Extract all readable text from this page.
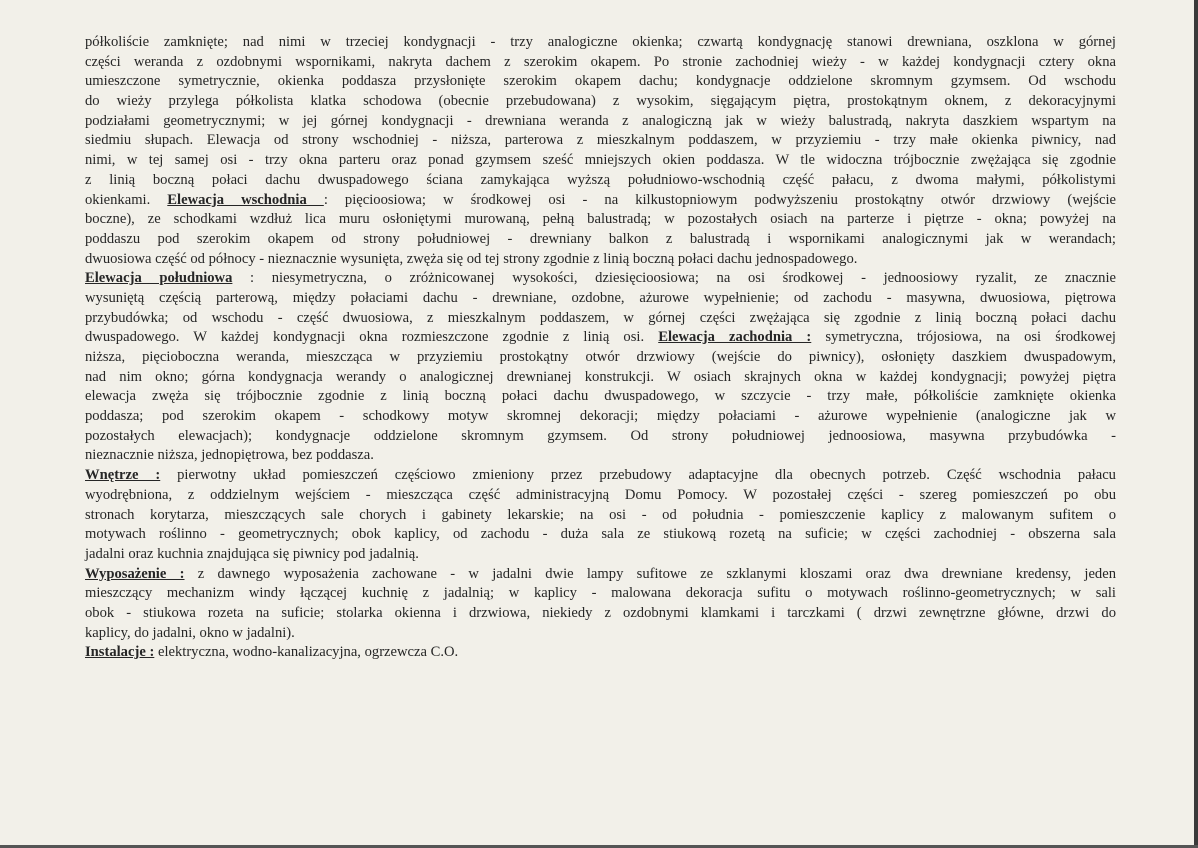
półkoliście zamknięte; nad nimi w trzeciej kondygnacji - trzy analogiczne okienka; czwartą kondygnację stanowi drewniana, oszklona w górnej
części weranda z ozdobnymi wspornikami, nakryta dachem z szerokim okapem. Po stronie zachodniej wieży - w każdej kondygnacji cztery okna
umieszczone symetrycznie, okienka poddasza przysłonięte szerokim okapem dachu; kondygnacje oddzielone skromnym gzymsem. Od wschodu
do wieży przylega półkolista klatka schodowa (obecnie przebudowana) z wysokim, sięgającym piętra, prostokątnym oknem, z dekoracyjnymi
podziałami geometrycznymi; w jej górnej kondygnacji - drewniana weranda z analogiczną jak w wieży balustradą, nakryta daszkiem wspartym na
siedmiu słupach. Elewacja od strony wschodniej - niższa, parterowa z mieszkalnym poddaszem, w przyziemiu - trzy małe okienka piwnicy, nad
nimi, w tej samej osi - trzy okna parteru oraz ponad gzymsem sześć mniejszych okien poddasza. W tle widoczna trójbocznie zwężająca się zgodnie
z linią boczną połaci dachu dwuspadowego ściana zamykająca wyższą południowo-wschodnią część pałacu, z dwoma małymi, półkolistymi
okienkami. Elewacja wschodnia : pięcioosiowa; w środkowej osi - na kilkustopniowym podwyższeniu prostokątny otwór drzwiowy (wejście
boczne), ze schodkami wzdłuż lica muru osłoniętymi murowaną, pełną balustradą; w pozostałych osiach na parterze i piętrze - okna; powyżej na
poddaszu pod szerokim okapem od strony południowej - drewniany balkon z balustradą i wspornikami analogicznymi jak w werandach;
dwuosiowa część od północy - nieznacznie wysunięta, zwęża się od tej strony zgodnie z linią boczną połaci dachu jednospadowego.
Elewacja południowa : niesymetryczna, o zróżnicowanej wysokości, dziesięcioosiowa; na osi środkowej - jednoosiowy ryzalit, ze znacznie
wysuniętą częścią parterową, między połaciami dachu - drewniane, ozdobne, ażurowe wypełnienie; od zachodu - masywna, dwuosiowa, piętrowa
przybudówka; od wschodu - część dwuosiowa, z mieszkalnym poddaszem, w górnej części zwężająca się zgodnie z linią boczną połaci dachu
dwuspadowego. W każdej kondygnacji okna rozmieszczone zgodnie z linią osi. Elewacja zachodnia : symetryczna, trójosiowa, na osi środkowej
niższa, pięcioboczna weranda, mieszcząca w przyziemiu prostokątny otwór drzwiowy (wejście do piwnicy), osłonięty daszkiem dwuspadowym,
nad nim okno; górna kondygnacja werandy o analogicznej drewnianej konstrukcji. W osiach skrajnych okna w każdej kondygnacji; powyżej piętra
elewacja zwęża się trójbocznie zgodnie z linią boczną połaci dachu dwuspadowego, w szczycie - trzy małe, półkoliście zamknięte okienka
poddasza; pod szerokim okapem - schodkowy motyw skromnej dekoracji; między połaciami - ażurowe wypełnienie (analogiczne jak w
pozostałych elewacjach); kondygnacje oddzielone skromnym gzymsem. Od strony południowej jednoosiowa, masywna przybudówka -
nieznacznie niższa, jednopiętrowa, bez poddasza.
Wnętrze : pierwotny układ pomieszczeń częściowo zmieniony przez przebudowy adaptacyjne dla obecnych potrzeb. Część wschodnia pałacu
wyodrębniona, z oddzielnym wejściem - mieszcząca część administracyjną Domu Pomocy. W pozostałej części - szereg pomieszczeń po obu
stronach korytarza, mieszczących sale chorych i gabinety lekarskie; na osi - od południa - pomieszczenie kaplicy z malowanym sufitem o
motywach roślinno - geometrycznych; obok kaplicy, od zachodu - duża sala ze stiukową rozetą na suficie; w części zachodniej - obszerna sala
jadalni oraz kuchnia znajdująca się piwnicy pod jadalnią.
Wyposażenie : z dawnego wyposażenia zachowane - w jadalni dwie lampy sufitowe ze szklanymi kloszami oraz dwa drewniane kredensy, jeden
mieszczący mechanizm windy łączącej kuchnię z jadalnią; w kaplicy - malowana dekoracja sufitu o motywach roślinno-geometrycznych; w sali
obok - stiukowa rozeta na suficie; stolarka okienna i drzwiowa, niekiedy z ozdobnymi klamkami i tarczkami ( drzwi zewnętrzne główne, drzwi do
kaplicy, do jadalni, okno w jadalni).
Instalacje : elektryczna, wodno-kanalizacyjna, ogrzewcza C.O.
